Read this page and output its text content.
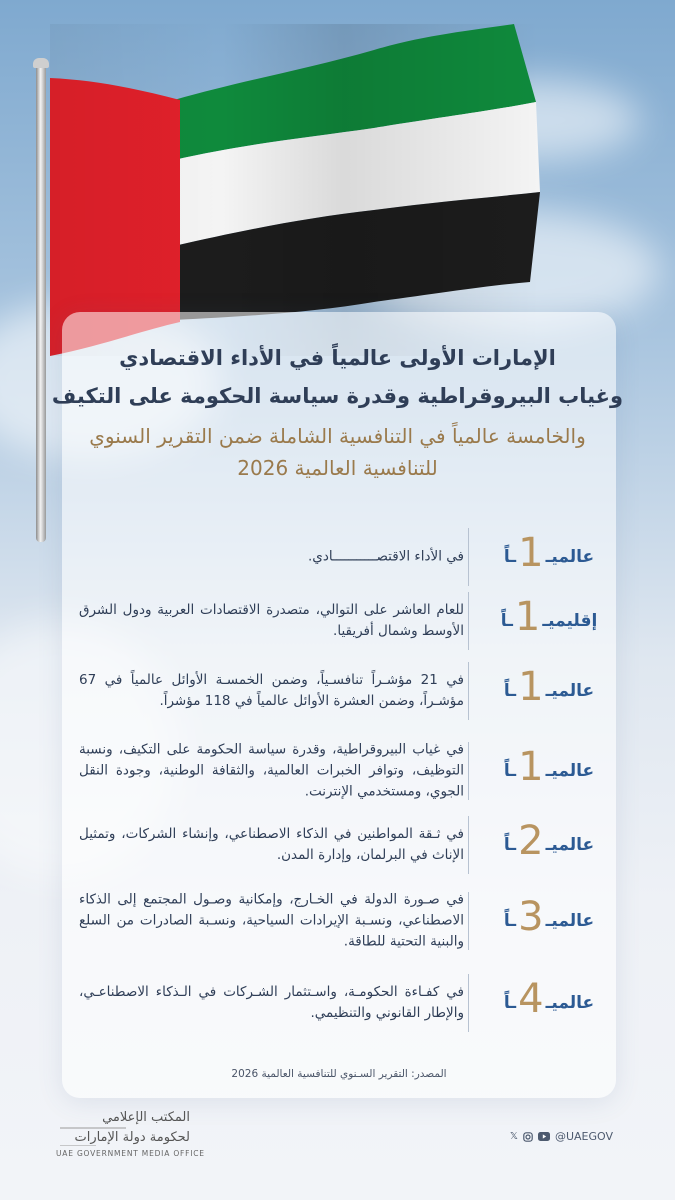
الإمارات الأولى عالمياً في الأداء الاقتصادي
وغياب البيروقراطية وقدرة سياسة الحكومة على التكيف
والخامسة عالمياً في التنافسية الشاملة ضمن التقرير السنوي
للتنافسية العالمية 2026
عالميـ
1
ـاً
في الأداء الاقتصـــــــــــادي.
إقليميـ
1
ـاً
للعام العاشر على التوالي، متصدرة الاقتصادات العربية ودول الشرق الأوسط وشمال أفريقيا.
عالميـ
1
ـاً
في 21 مؤشـراً تنافسـياً، وضمن الخمسـة الأوائل عالمياً في 67 مؤشـراً، وضمن العشرة الأوائل عالمياً في 118 مؤشراً.
عالميـ
1
ـاً
في غياب البيروقراطية، وقدرة سياسة الحكومة على التكيف، ونسبة التوظيف، وتوافر الخبرات العالمية، والثقافة الوطنية، وجودة النقل الجوي، ومستخدمي الإنترنت.
عالميـ
2
ـاً
في ثـقة المواطنين في الذكاء الاصطناعي، وإنشاء الشركات، وتمثيل الإناث في البرلمان، وإدارة المدن.
عالميـ
3
ـاً
في صـورة الدولة في الخـارج، وإمكانية وصـول المجتمع إلى الذكاء الاصطناعي، ونسـبة الإيرادات السياحية، ونسـبة الصادرات من السلع والبنية التحتية للطاقة.
عالميـ
4
ـاً
في كفـاءة الحكومـة، واسـتثمار الشـركات في الـذكاء الاصطناعـي، والإطار القانوني والتنظيمي.
المصدر: التقرير السـنوي للتنافسية العالمية 2026
المكتب الإعلامي
لحكومة دولة الإمارات
UAE GOVERNMENT MEDIA OFFICE
𝕏	@UAEGOV
